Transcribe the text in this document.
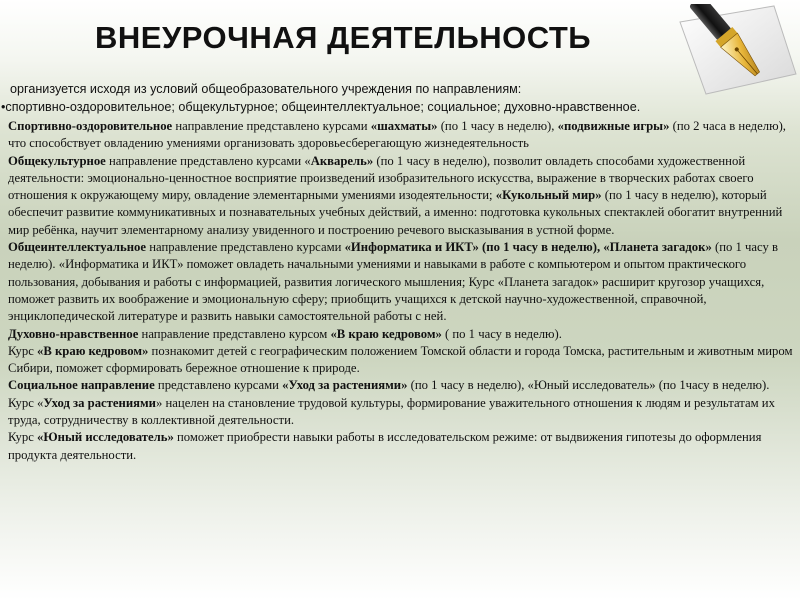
ВНЕУРОЧНАЯ ДЕЯТЕЛЬНОСТЬ
организуется исходя из условий общеобразовательного учреждения по направлениям:
•спортивно-оздоровительное; общекультурное; общеинтеллектуальное; социальное; духовно-нравственное.

Спортивно-оздоровительное направление представлено курсами «шахматы» (по 1 часу в неделю), «подвижные игры» (по 2 часа в неделю), что способствует овладению умениями организовать здоровьесберегающую жизнедеятельность

Общекультурное направление представлено курсами «Акварель» (по 1 часу в неделю), позволит овладеть способами художественной деятельности: эмоционально-ценностное восприятие произведений изобразительного искусства, выражение в творческих работах своего отношения к окружающему миру, овладение элементарными умениями изодеятельности; «Кукольный мир» (по 1 часу в неделю), который обеспечит развитие коммуникативных и познавательных учебных действий, а именно: подготовка кукольных спектаклей обогатит внутренний мир ребёнка, научит элементарному анализу увиденного и построению речевого высказывания в устной форме.

Общеинтеллектуальное направление представлено курсами «Информатика и ИКТ» (по 1 часу в неделю), «Планета загадок» (по 1 часу в неделю). «Информатика и ИКТ» поможет овладеть начальными умениями и навыками в работе с компьютером и опытом практического пользования, добывания и работы с информацией, развития логического мышления; Курс «Планета загадок» расширит кругозор учащихся, поможет развить их воображение и эмоциональную сферу; приобщить учащихся к детской научно-художественной, справочной, энциклопедической литературе и развить навыки самостоятельной работы с ней.

Духовно-нравственное направление представлено курсом «В краю кедровом» ( по 1 часу в неделю).

Курс «В краю кедровом» познакомит детей с географическим положением Томской области и города Томска, растительным и животным миром Сибири, поможет сформировать бережное отношение к природе.

Социальное направление представлено курсами «Уход за растениями» (по 1 часу в неделю), «Юный исследователь» (по 1часу в неделю).

Курс «Уход за растениями» нацелен на становление трудовой культуры, формирование уважительного отношения к людям и результатам их труда, сотрудничеству в коллективной деятельности.

Курс «Юный исследователь» поможет приобрести навыки работы в исследовательском режиме: от выдвижения гипотезы до оформления продукта деятельности.
